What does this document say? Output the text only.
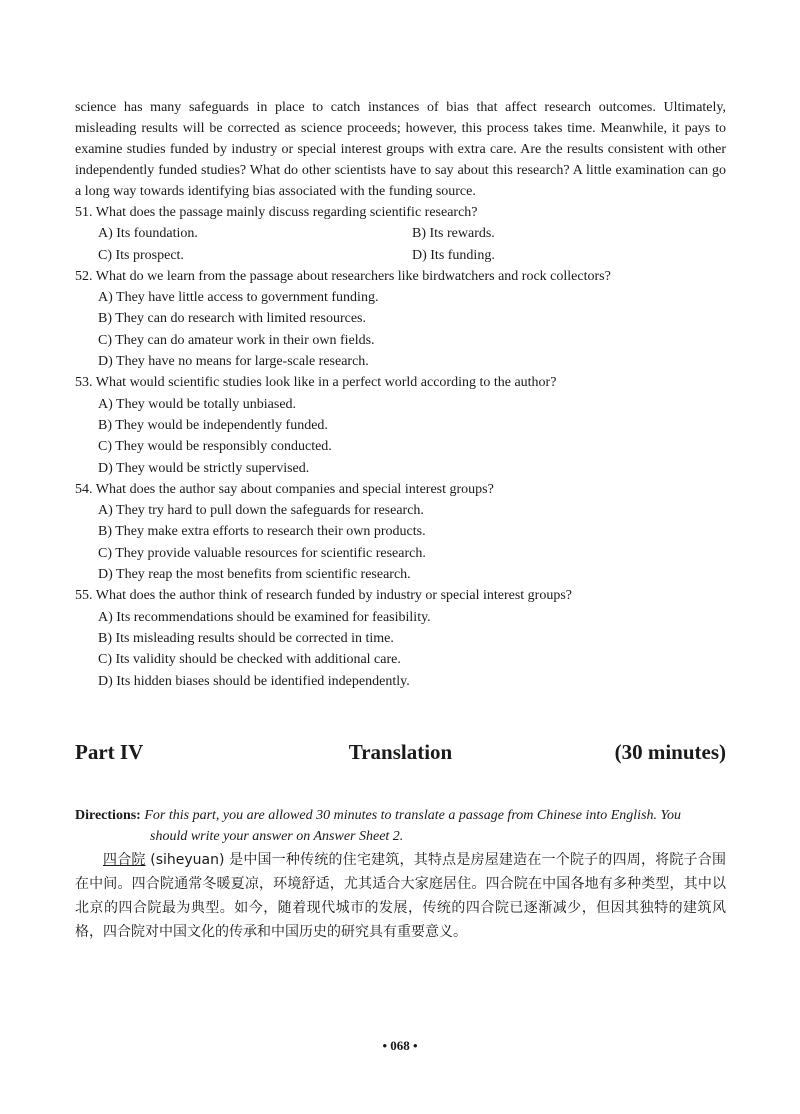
science has many safeguards in place to catch instances of bias that affect research outcomes. Ultimately, misleading results will be corrected as science proceeds; however, this process takes time. Meanwhile, it pays to examine studies funded by industry or special interest groups with extra care. Are the results consistent with other independently funded studies? What do other scientists have to say about this research? A little examination can go a long way towards identifying bias associated with the funding source.

51. What does the passage mainly discuss regarding scientific research?
A) Its foundation.	B) Its rewards.
C) Its prospect.	D) Its funding.
52. What do we learn from the passage about researchers like birdwatchers and rock collectors?
A) They have little access to government funding.
B) They can do research with limited resources.
C) They can do amateur work in their own fields.
D) They have no means for large-scale research.
53. What would scientific studies look like in a perfect world according to the author?
A) They would be totally unbiased.
B) They would be independently funded.
C) They would be responsibly conducted.
D) They would be strictly supervised.
54. What does the author say about companies and special interest groups?
A) They try hard to pull down the safeguards for research.
B) They make extra efforts to research their own products.
C) They provide valuable resources for scientific research.
D) They reap the most benefits from scientific research.
55. What does the author think of research funded by industry or special interest groups?
A) Its recommendations should be examined for feasibility.
B) Its misleading results should be corrected in time.
C) Its validity should be checked with additional care.
D) Its hidden biases should be identified independently.
Part IV	Translation	(30 minutes)
Directions: For this part, you are allowed 30 minutes to translate a passage from Chinese into English. You
should write your answer on Answer Sheet 2.

四合院 (siheyuan) 是中国一种传统的住宅建筑，其特点是房屋建造在一个院子的四周，将院子合围在中间。四合院通常冬暖夏凉，环境舒适，尤其适合大家庭居住。四合院在中国各地有多种类型，其中以北京的四合院最为典型。如今，随着现代城市的发展，传统的四合院已逐渐减少，但因其独特的建筑风格，四合院对中国文化的传承和中国历史的研究具有重要意义。

• 068 •
